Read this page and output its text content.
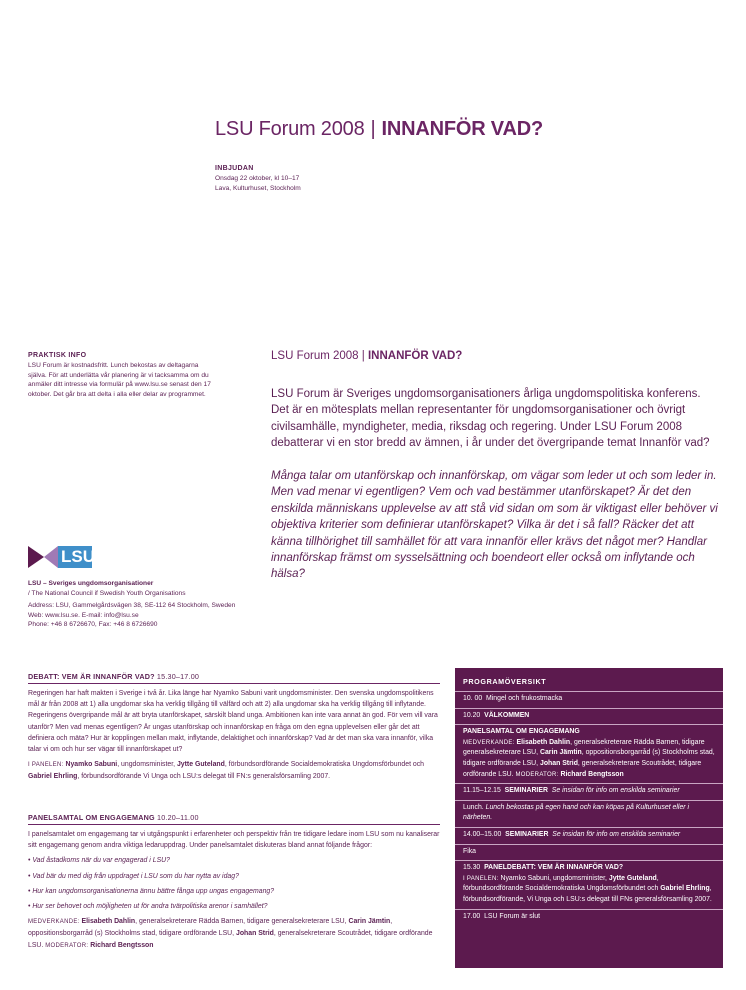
LSU Forum 2008 | INNANFÖR VAD?
INBJUDAN
Onsdag 22 oktober, kl 10–17
Lava, Kulturhuset, Stockholm
PRAKTISK INFO
LSU Forum är kostnadsfritt. Lunch bekostas av deltagarna själva. För att underlätta vår planering är vi tacksamma om du anmäler ditt intresse via formulär på www.lsu.se senast den 17 oktober. Det går bra att delta i alla eller delar av programmet.
LSU Forum 2008 | INNANFÖR VAD?
LSU Forum är Sveriges ungdomsorganisationers årliga ungdomspolitiska konferens. Det är en mötesplats mellan representanter för ungdomsorganisationer och övrigt civilsamhälle, myndigheter, media, riksdag och regering. Under LSU Forum 2008 debatterar vi en stor bredd av ämnen, i år under det övergripande temat Innanför vad?
Många talar om utanförskap och innanförskap, om vägar som leder ut och som leder in. Men vad menar vi egentligen? Vem och vad bestämmer utanförskapet? Är det den enskilda människans upplevelse av att stå vid sidan om som är viktigast eller behöver vi objektiva kriterier som definierar utanförskapet? Vilka är det i så fall? Räcker det att känna tillhörighet till samhället för att vara innanför eller krävs det något mer? Handlar innanförskap främst om sysselsättning och boendeort eller också om inflytande och hälsa?
LSU
LSU – Sveriges ungdomsorganisationer
/ The National Council if Swedish Youth Organisations
Address: LSU, Gammelgårdsvägen 38, SE-112 64 Stockholm, Sweden
Web: www.lsu.se. E-mail: info@lsu.se
Phone: +46 8 6726670, Fax: +46 8 6726690
DEBATT: VEM ÄR INNANFÖR VAD? 15.30–17.00

Regeringen har haft makten i Sverige i två år. Lika länge har Nyamko Sabuni varit ungdomsminister. Den svenska ungdomspolitikens mål är från 2008 att 1) alla ungdomar ska ha verklig tillgång till välfärd och att 2) alla ungdomar ska ha verklig tillgång till inflytande. Regeringens övergripande mål är att bryta utanförskapet, särskilt bland unga. Ambitionen kan inte vara annat än god. För vem vill vara utanför? Men vad menas egentligen? Är ungas utanförskap och innanförskap en fråga om den egna upplevelsen eller går det att definiera och mäta? Hur är kopplingen mellan makt, inflytande, delaktighet och innanförskap? Vad är det man ska vara innanför, vilka talar vi om och hur ser vägar till innanförskapet ut?

I PANELEN: Nyamko Sabuni, ungdomsminister, Jytte Guteland, förbundsordförande Socialdemokratiska Ungdomsförbundet och Gabriel Ehrling, förbundsordförande Vi Unga och LSU:s delegat till FN:s generalsförsamling 2007.

PANELSAMTAL OM ENGAGEMANG 10.20–11.00

I panelsamtalet om engagemang tar vi utgångspunkt i erfarenheter och perspektiv från tre tidigare ledare inom LSU som nu kanaliserar sitt engagemang genom andra viktiga ledaruppdrag. Under panelsamtalet diskuteras bland annat följande frågor:

• Vad åstadkoms när du var engagerad i LSU?

• Vad bär du med dig från uppdraget i LSU som du har nytta av idag?

• Hur kan ungdomsorganisationerna ännu bättre fånga upp ungas engagemang?

• Hur ser behovet och möjligheten ut för andra tvärpolitiska arenor i samhället?

MEDVERKANDE: Elisabeth Dahlin, generalsekreterare Rädda Barnen, tidigare generalsekreterare LSU, Carin Jämtin, oppositionsborgarråd (s) Stockholms stad, tidigare ordförande LSU, Johan Strid, generalsekreterare Scoutrådet, tidigare ordförande LSU. MODERATOR: Richard Bengtsson

PROGRAMÖVERSIKT
10. 00 Mingel och frukostmacka
10.20 VÄLKOMMEN
PANELSAMTAL OM ENGAGEMANG
MEDVERKANDE: Elisabeth Dahlin, generalsekreterare Rädda Barnen, tidigare generalsekreterare LSU, Carin Jämtin, oppositionsborgarråd (s) Stockholms stad, tidigare ordförande LSU, Johan Strid, generalsekreterare Scoutrådet, tidigare ordförande LSU. MODERATOR: Richard Bengtsson
11.15–12.15 SEMINARIER Se insidan för info om enskilda seminarier
Lunch. Lunch bekostas på egen hand och kan köpas på Kulturhuset eller i närheten.
14.00–15.00 SEMINARIER Se insidan för info om enskilda seminarier
Fika
15.30 PANELDEBATT: VEM ÄR INNANFÖR VAD?
I PANELEN: Nyamko Sabuni, ungdomsminister, Jytte Guteland, förbundsordförande Socialdemokratiska Ungdomsförbundet och Gabriel Ehrling, förbundsordförande, Vi Unga och LSU:s delegat till FNs generalsförsamling 2007.
17.00 LSU Forum är slut
